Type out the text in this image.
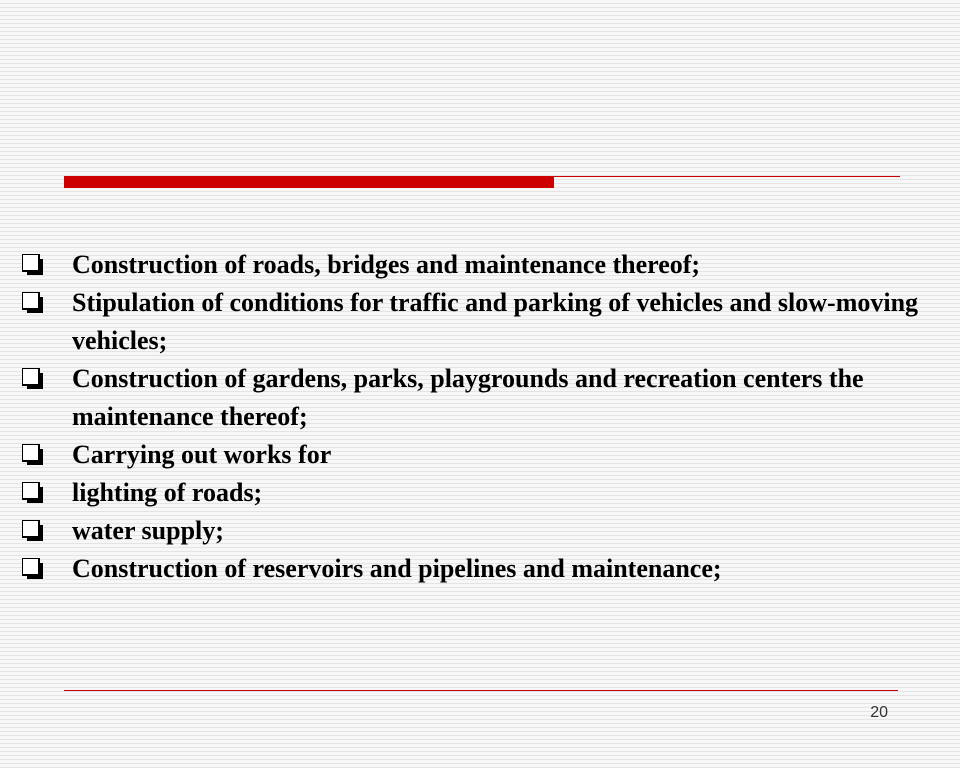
Construction of roads, bridges and maintenance thereof;
Stipulation of conditions for traffic and parking of vehicles and slow-moving vehicles;
Construction of gardens, parks, playgrounds and recreation centers the maintenance thereof;
Carrying out works for
lighting of roads;
water supply;
Construction of reservoirs and pipelines and maintenance;
20
